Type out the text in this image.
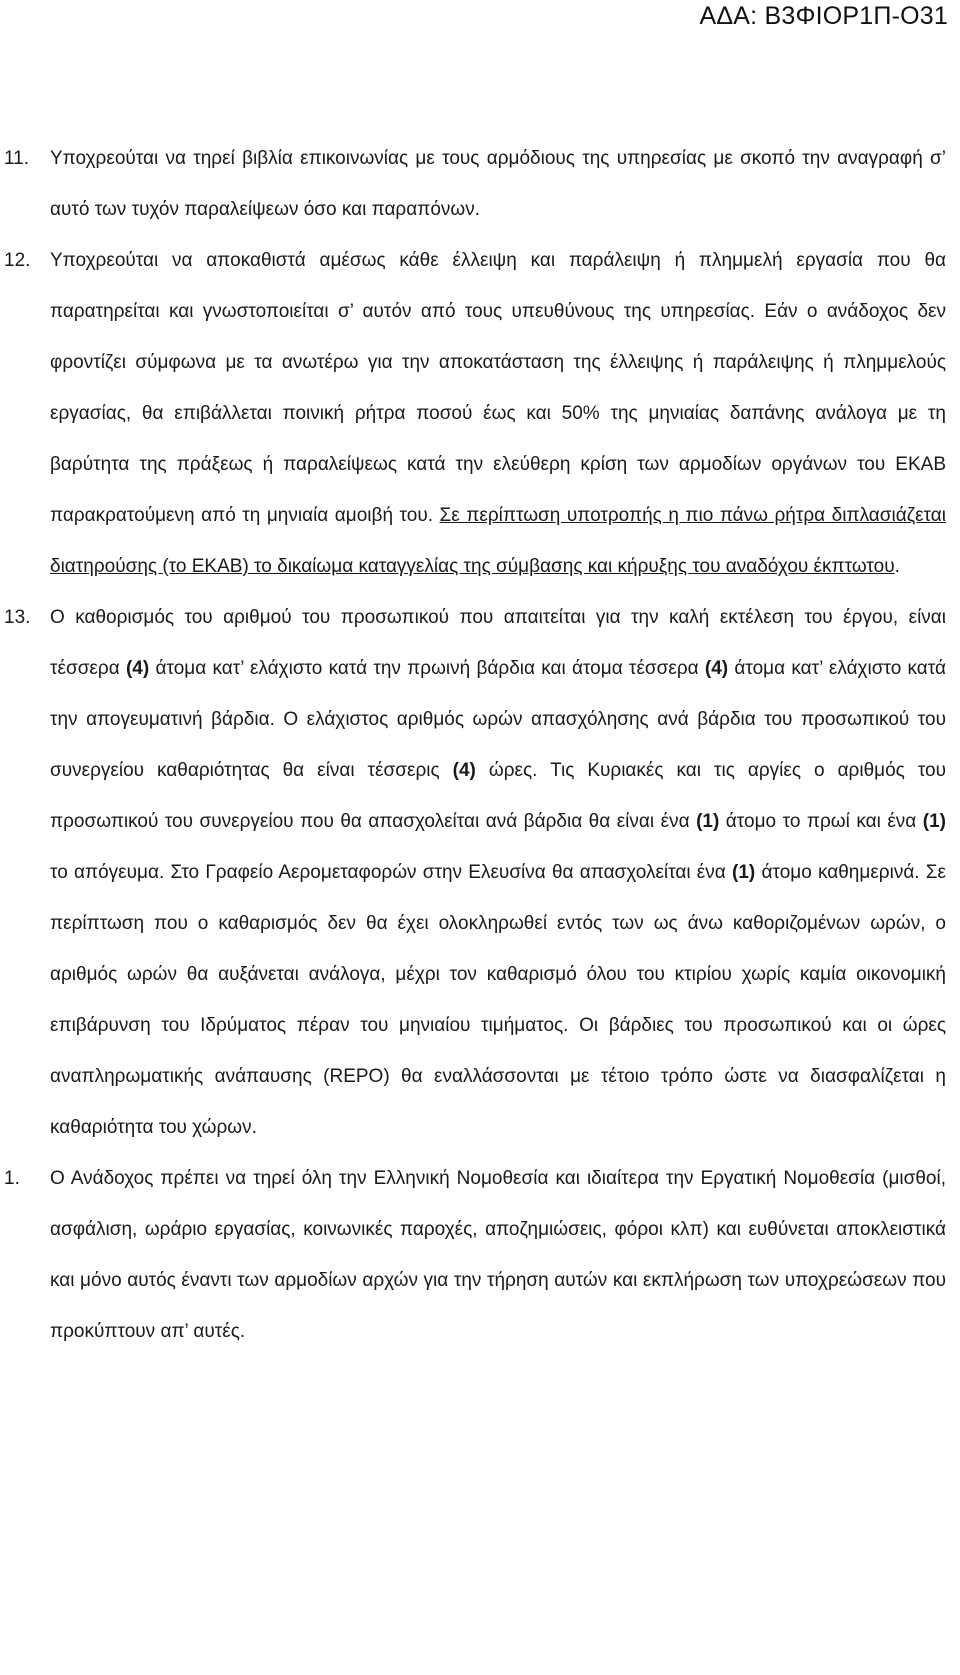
ΑΔΑ: Β3ΦΙΟΡ1Π-Ο31
11. Υποχρεούται να τηρεί βιβλία επικοινωνίας με τους αρμόδιους της υπηρεσίας με σκοπό την αναγραφή σ’ αυτό των τυχόν παραλείψεων όσο και παραπόνων.
12. Υποχρεούται να αποκαθιστά αμέσως κάθε έλλειψη και παράλειψη ή πλημμελή εργασία που θα παρατηρείται και γνωστοποιείται σ’ αυτόν από τους υπευθύνους της υπηρεσίας. Εάν ο ανάδοχος δεν φροντίζει σύμφωνα με τα ανωτέρω για την αποκατάσταση της έλλειψης ή παράλειψης ή πλημμελούς εργασίας, θα επιβάλλεται ποινική ρήτρα ποσού έως και 50% της μηνιαίας δαπάνης ανάλογα με τη βαρύτητα της πράξεως ή παραλείψεως κατά την ελεύθερη κρίση των αρμοδίων οργάνων του ΕΚΑΒ παρακρατούμενη από τη μηνιαία αμοιβή του. Σε περίπτωση υποτροπής η πιο πάνω ρήτρα διπλασιάζεται διατηρούσης (το ΕΚΑΒ) το δικαίωμα καταγγελίας της σύμβασης και κήρυξης του αναδόχου έκπτωτου.
13. Ο καθορισμός του αριθμού του προσωπικού που απαιτείται για την καλή εκτέλεση του έργου, είναι τέσσερα (4) άτομα κατ’ ελάχιστο κατά την πρωινή βάρδια και άτομα τέσσερα (4) άτομα κατ’ ελάχιστο κατά την απογευματινή βάρδια. Ο ελάχιστος αριθμός ωρών απασχόλησης ανά βάρδια του προσωπικού του συνεργείου καθαριότητας θα είναι τέσσερις (4) ώρες. Τις Κυριακές και τις αργίες ο αριθμός του προσωπικού του συνεργείου που θα απασχολείται ανά βάρδια θα είναι ένα (1) άτομο το πρωί και ένα (1) το απόγευμα. Στο Γραφείο Αερομεταφορών στην Ελευσίνα θα απασχολείται ένα (1) άτομο καθημερινά. Σε περίπτωση που ο καθαρισμός δεν θα έχει ολοκληρωθεί εντός των ως άνω καθοριζομένων ωρών, ο αριθμός ωρών θα αυξάνεται ανάλογα, μέχρι τον καθαρισμό όλου του κτιρίου χωρίς καμία οικονομική επιβάρυνση του Ιδρύματος πέραν του μηνιαίου τιμήματος. Οι βάρδιες του προσωπικού και οι ώρες αναπληρωματικής ανάπαυσης (REPO) θα εναλλάσσονται με τέτοιο τρόπο ώστε να διασφαλίζεται η καθαριότητα του χώρων.
1. Ο Ανάδοχος πρέπει να τηρεί όλη την Ελληνική Νομοθεσία και ιδιαίτερα την Εργατική Νομοθεσία (μισθοί, ασφάλιση, ωράριο εργασίας, κοινωνικές παροχές, αποζημιώσεις, φόροι κλπ) και ευθύνεται αποκλειστικά και μόνο αυτός έναντι των αρμοδίων αρχών για την τήρηση αυτών και εκπλήρωση των υποχρεώσεων που προκύπτουν απ’ αυτές.
